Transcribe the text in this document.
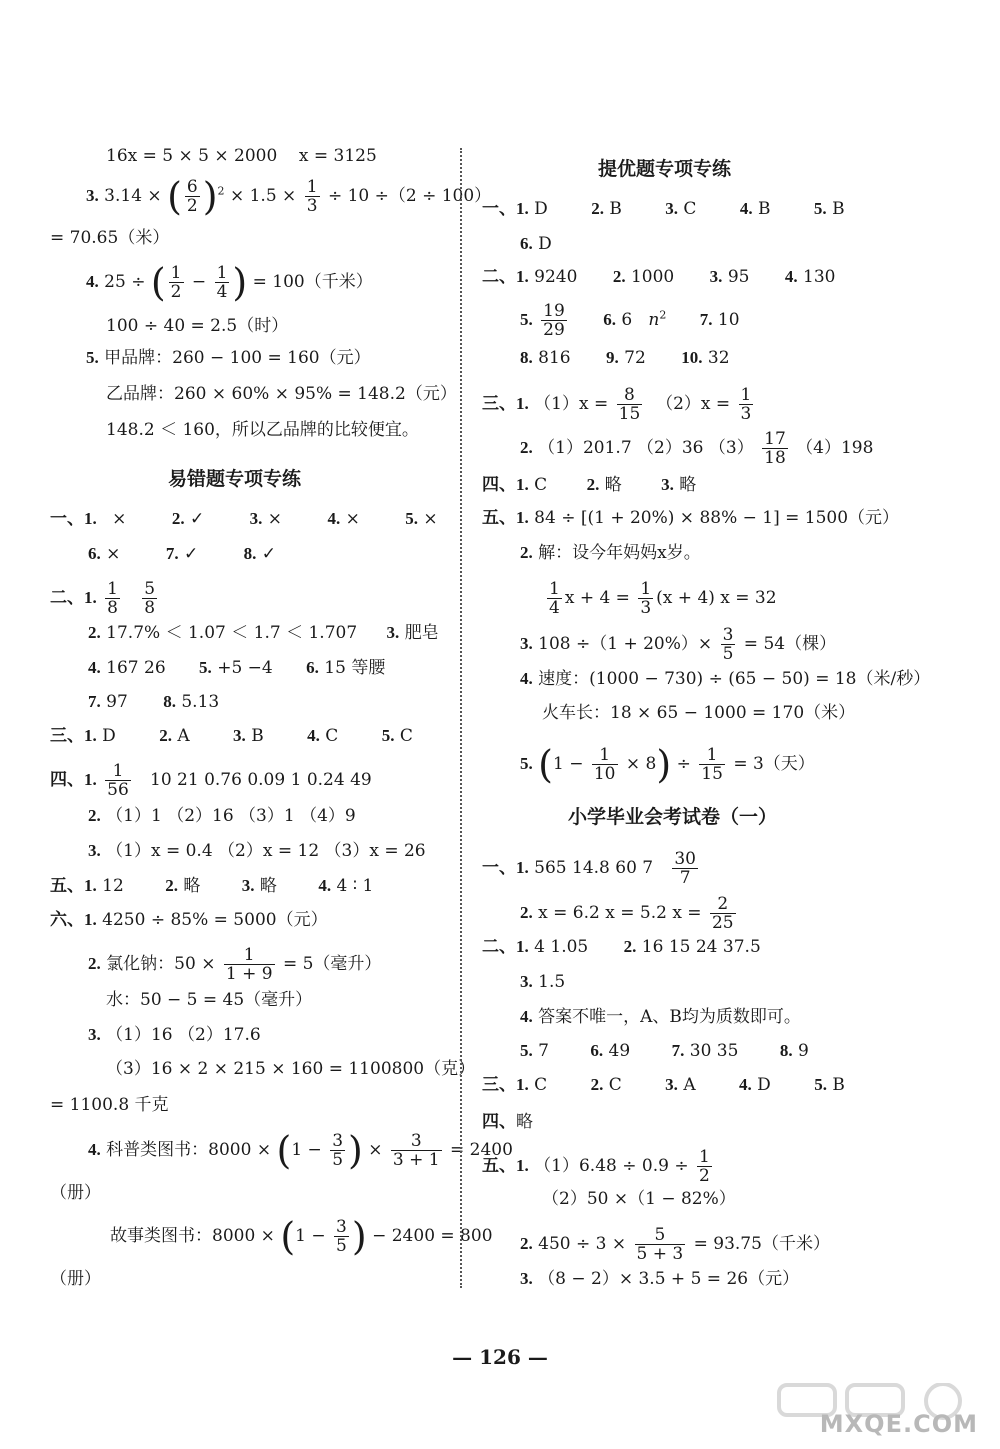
16x = 5 × 5 × 2000 x = 3125
3. 3.14 × ( $\frac{6}{2} )^2 \times 1.5 \times \frac{1}{3} \div 10 \div(2 \div 100)$
= 70.65（米）
4. 25 ÷ ( $\frac{1}{2} - \frac{1}{4}$ ) = 100（千米）
100 ÷ 40 = 2.5（时）
5. 甲品牌：260 − 100 = 160（元）
乙品牌：260 × 60% × 95% = 148.2（元）
148.2 ＜ 160，所以乙品牌的比较便宜。
易错题专项专练
一、1. ×	2. ✓	3. ×	4. ×	5. ×
6. ×	7. ✓	8. ✓
二、1. $\frac{1}{8}$
$\frac{5}{8}$
2. 17.7% ＜ 1.07 ＜ 1.7 ＜ 1.707 3. 肥皂
4. 167 26 5. +5 −4 6. 15 等腰
7. 97 8. 5.13
三、1. D	2. A	3. B	4. C	5. C
四、1. $\frac{1}{56} 10$ 21 0.76 0.09 1 0.24 49
2. （1）1 （2）16 （3）1 （4）9
3. （1）x = 0.4 （2）x = 12 （3）x = 26
五、1. 12 2. 略 3. 略 4. 4 ∶ 1
六、1. 4250 ÷ 85% = 5000（元）
2. 氯化钠：$50 \times \frac{1}{1 + 9} = 5$（毫升）
水：50 − 5 = 45（毫升）
3. （1）16 （2）17.6
（3）16 × 2 × 215 × 160 = 1100800（克）
= 1100.8 千克
4. 科普类图书：$8000 \times (1 - \frac{3}{5}$ ) × $\frac{3}{3 + 1} = 2400$
（册）
故事类图书：$8000 \times (1 - \frac{3}{5}$ ) − 2400 = 800
（册）
提优题专项专练
一、1. D	2. B	3. C	4. B	5. B
6. D
二、1. 9240 2. 1000 3. 95 4. 130
5. $\frac{19}{29} 6$. 6 $n^2$ 7. 10
8. 816 9. 72 10. 32
三、1. $(1)x = \frac{8}{15} (2)x = \frac{1}{3}$
2. （1）201.7 （2）36 $(3) \frac{17}{18} (4)198$
四、1. C 2. 略 3. 略
五、1. 84 ÷ [(1 + 20%) × 88% − 1] = 1500（元）
2. 解：设今年妈妈x岁。
$\frac{1}{4}$ $x + 4 = \frac{1}{3} (x + 4) x = 32$
3. $108 \div(1 + 20\%)\times \frac{3}{5} = 54$（棵）
4. 速度：(1000 − 730) ÷ (65 − 50) = 18（米/秒）
火车长：18 × 65 − 1000 = 170（米）
5. $(1 - \frac{1}{10} \times 8) \div \frac{1}{15} = 3$（天）
小学毕业会考试卷（一）
一、1. 565 14.8 60 $7 \frac{30}{7}$
2. x = 6.2 x = 5.2 $x = \frac{2}{25}$
二、1. 4 1.05 2. 16 15 24 37.5
3. 1.5
4. 答案不唯一，A、B均为质数即可。
5. 7 6. 49 7. 30 35 8. 9
三、1. C	2. C	3. A	4. D	5. B
四、略
五、1. $(1)6.48 \div 0.9 \div \frac{1}{2}$
（2）50 ×（1 − 82%）
2. $450 \div 3 \times \frac{5}{5 + 3} = 93.75$（千米）
3. （8 − 2）× 3.5 + 5 = 26（元）
— 126 —
MXQE.COM
